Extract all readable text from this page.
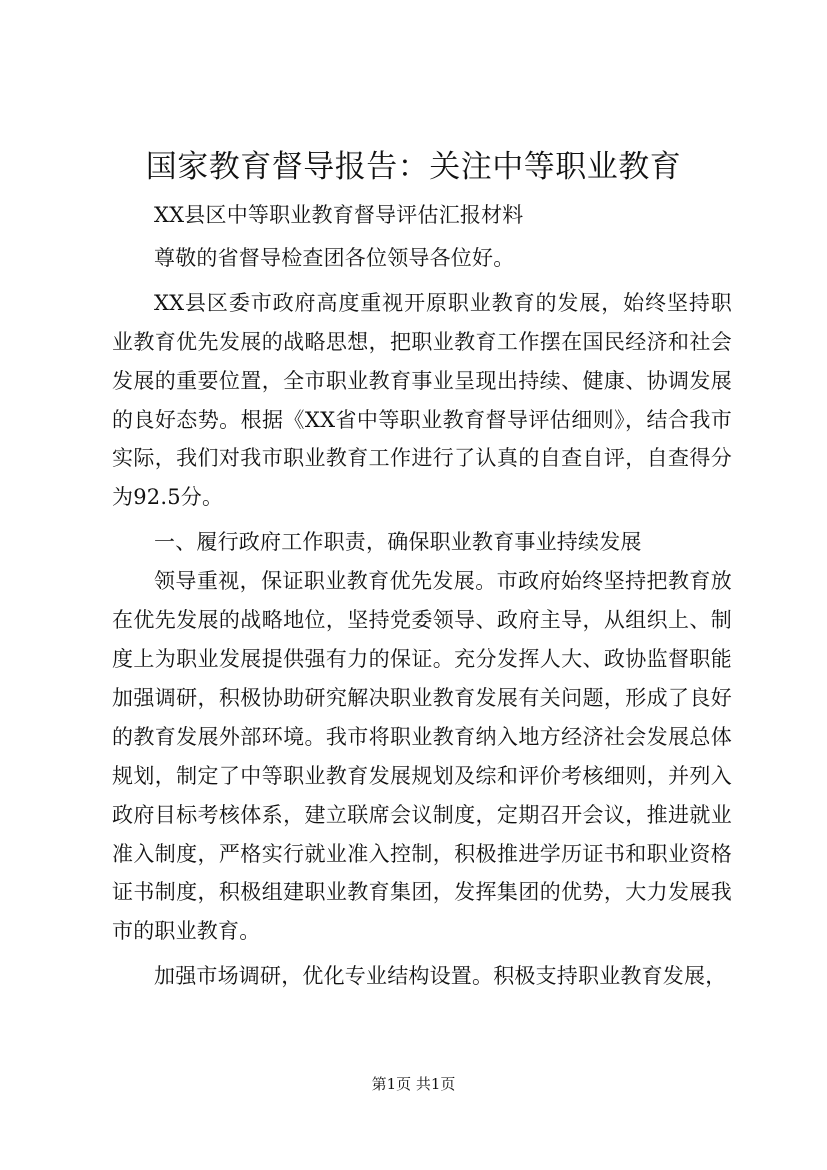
国家教育督导报告：关注中等职业教育

XX县区中等职业教育督导评估汇报材料

尊敬的省督导检查团各位领导各位好。

XX县区委市政府高度重视开原职业教育的发展，始终坚持职业教育优先发展的战略思想，把职业教育工作摆在国民经济和社会发展的重要位置，全市职业教育事业呈现出持续、健康、协调发展的良好态势。根据《XX省中等职业教育督导评估细则》，结合我市实际，我们对我市职业教育工作进行了认真的自查自评，自查得分为92.5分。

一、履行政府工作职责，确保职业教育事业持续发展

领导重视，保证职业教育优先发展。市政府始终坚持把教育放在优先发展的战略地位，坚持党委领导、政府主导，从组织上、制度上为职业发展提供强有力的保证。充分发挥人大、政协监督职能加强调研，积极协助研究解决职业教育发展有关问题，形成了良好的教育发展外部环境。我市将职业教育纳入地方经济社会发展总体规划，制定了中等职业教育发展规划及综和评价考核细则，并列入政府目标考核体系，建立联席会议制度，定期召开会议，推进就业准入制度，严格实行就业准入控制，积极推进学历证书和职业资格证书制度，积极组建职业教育集团，发挥集团的优势，大力发展我市的职业教育。

加强市场调研，优化专业结构设置。积极支持职业教育发展，

第1页 共1页
